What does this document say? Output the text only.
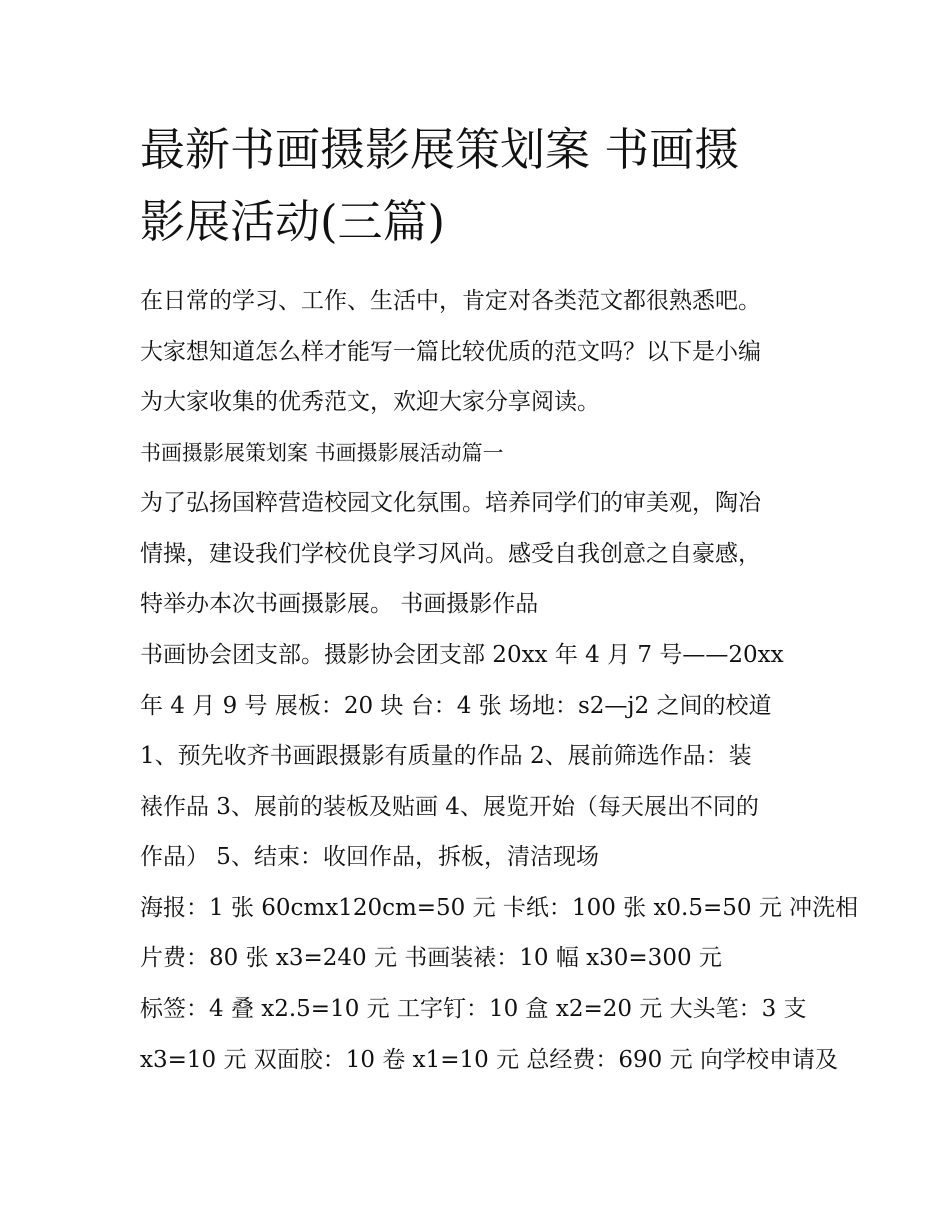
最新书画摄影展策划案 书画摄
影展活动(三篇)

在日常的学习、工作、生活中，肯定对各类范文都很熟悉吧。

大家想知道怎么样才能写一篇比较优质的范文吗？以下是小编

为大家收集的优秀范文，欢迎大家分享阅读。

书画摄影展策划案 书画摄影展活动篇一

为了弘扬国粹营造校园文化氛围。培养同学们的审美观，陶冶

情操，建设我们学校优良学习风尚。感受自我创意之自豪感，

特举办本次书画摄影展。 书画摄影作品

书画协会团支部。摄影协会团支部 20xx 年 4 月 7 号——20xx

年 4 月 9 号 展板：20 块 台：4 张 场地：s2—j2 之间的校道

1、预先收齐书画跟摄影有质量的作品 2、展前筛选作品：装

裱作品 3、展前的装板及贴画 4、展览开始（每天展出不同的

作品） 5、结束：收回作品，拆板，清洁现场

海报：1 张 60cmx120cm=50 元 卡纸：100 张 x0.5=50 元 冲洗相

片费：80 张 x3=240 元 书画装裱：10 幅 x30=300 元

标签：4 叠 x2.5=10 元 工字钉：10 盒 x2=20 元 大头笔：3 支

x3=10 元 双面胶：10 卷 x1=10 元 总经费：690 元 向学校申请及
